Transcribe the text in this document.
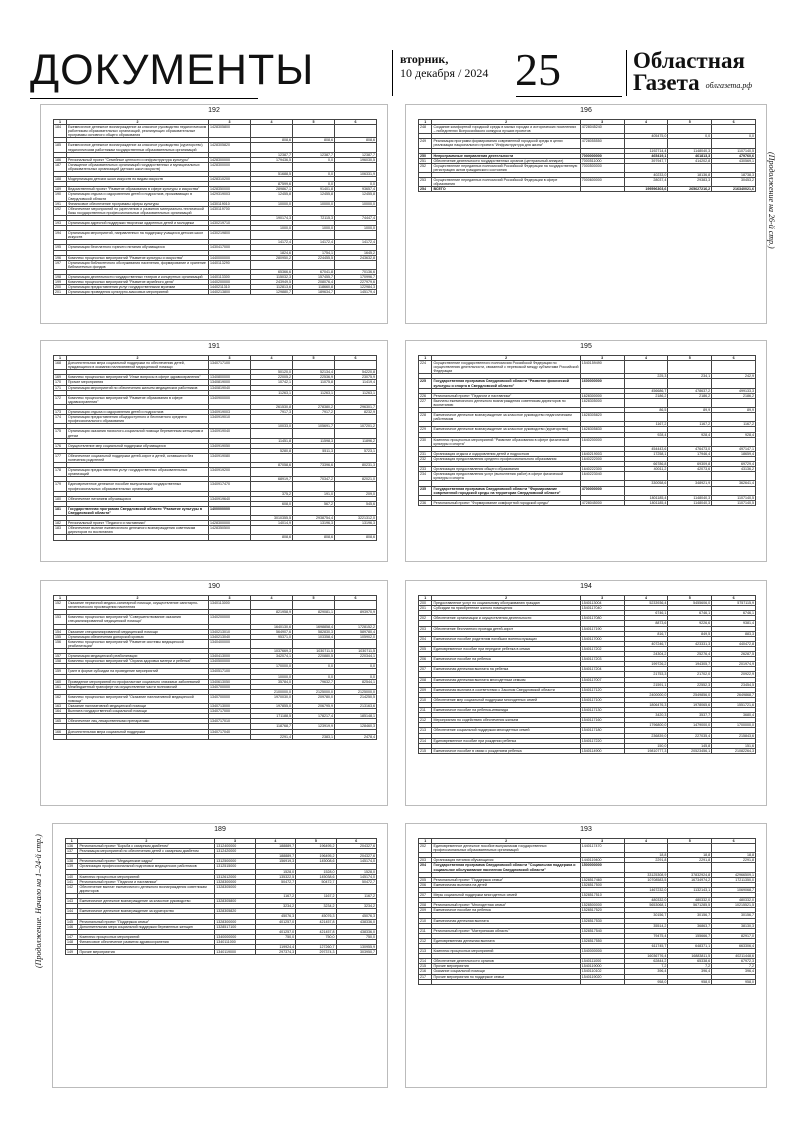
ДОКУМЕНТЫ	вторник,
10 декабря / 2024 25	Областная
Газета облгазета.рф
(Продолжение на 26-й стр.)
(Продолжение. Начало на 1–24-й стр.)
192
1	2	3	4	5	6
184	Ежемесячное денежное вознаграждение за классное руководство педагогическим работникам образовательных организаций, реализующих образовательные программы основного общего образования	1428305800			
			808,6	808,6	808,6
185	Ежемесячное денежное вознаграждение за классное руководство (кураторство) педагогическим работникам государственных образовательных организаций	1428305820			
			12387,7	12387,7	12387,7
186	Региональный проект "Семейные ценности и инфраструктура культуры"	1428300000	179436,5	0,0	196030,5
187	Оснащение образовательных организаций государственных и муниципальных образовательных организаций (детских школ искусств)	1428300000			
			51688,5	0,0	106331,9
188	Модернизация детских школ искусств по видам искусств	1428310200			
			87599,6	0,0	0,0
189	Ведомственный проект "Развитие образования в сфере культуры и искусства"	1428350000	289867,1	91401,8	93657,4
190	Организация отдыха и оздоровления детей и подростков, проживающих в Свердловской области	1429319003	12455,8	12455,8	12455,8
191	Финансовое обеспечение программы сферы культуры	1430119010	10000,0	10000,0	10000,0
192	Обеспечение мероприятий по укреплению и развитию материально-технической базы государственных профессиональных образовательных организаций	1430119700			
			190174,3	72115,3	74447,4
193	Организация адресной поддержки творчески одаренных детей и молодежи	1430219710			
			1000,0	1000,0	1000,0
194	Организация мероприятий, направленных на поддержку учащихся детских школ искусств	1430219800			
			14172,4	14172,4	14172,4
195	Организация бесплатного горячего питания обучающихся	1430417000			
			1824,6	1754,1	1645,2
196	Комплекс процессных мероприятий "Развитие культуры и искусства"	1440000000	280950,2	224455,5	243632,8
197	Организация библиотечного обслуживания населения, формирование и хранение библиотечных фондов	1440113290			
			65366,6	67041,8	70136,6
198	Организация деятельности государственных театров и концертных организаций	1440113300	115032,3	157455,7	170996,7
199	Комплекс процессных мероприятий "Развитие музейного дела"	1440200000	243949,5	208076,4	227979,6
200	Организация предоставления услуг государственными музеями	1440211310	112813,6	118660,8	122984,3
201	Организация проведения культурно-массовых мероприятий	1440213800	129880,7	189634,7	145179,4
196
1	2	3	4	5	6
248	Создание комфортной городской среды в малых городах и исторических поселениях – победителях Всероссийского конкурса лучших проектов	4728045240			
			405475,0	0,0	0,0
249	Реализация программ формирования современной городской среды в целях реализации национального проекта "Инфраструктура для жизни"	4728055550			
			1192714,4	1148040,3	1107140,5
250	Непрограммные направления деятельности	7000000000	465419,1	461813,3	479760,6
251	Обеспечение деятельности государственных органов (центральный аппарат)	7000511000	397947,7	414202,8	430569,1
252	Осуществление переданных полномочий Российской Федерации на государственную регистрацию актов гражданского состояния	7000500000			
			40233,0	18136,8	18738,3
253	Осуществление переданных полномочий Российской Федерации в сфере образования	7000600000	28037,4	29383,3	30453,2
254	ВСЕГО		199596303,6	265627216,2	216340021,6
191
1	2	3	4	5	6
168	Дополнительная мера социальной поддержки по обеспечению детей, нуждающихся в оказании паллиативной медицинской помощи	1340717100			
			50120,0	52134,4	54220,8
169	Комплекс процессных мероприятий "Иные вопросы в сфере здравоохранения"	1340800000	22005,2	22536,9	23075,9
170	Прочие мероприятия	1340819000	10742,1	11075,8	11419,4
171	Организация мероприятий по обеспечению жильем медицинских работников	1340819040			
			11263,1	11263,1	11263,1
172	Комплекс процессных мероприятий "Развитие образования в сфере здравоохранения"	1340900000			
			261530,8	278380,2	296301,7
173	Организация отдыха и оздоровления детей и подростков	1340919003	7917,3	7917,2	8232,9
174	Организация предоставления общедоступного и бесплатного среднего профессионального образования	1340919010			
			10033,0	105691,7	107201,2
175	Организация оказания психолого-социальной помощи беременным женщинам и детям	1340919040			
			11451,8	11598,3	11896,2
176	Осуществление мер социальной поддержки обучающихся	1340919050			
			5280,8	5511,3	5723,1
177	Обеспечение социальной поддержки детей-сирот и детей, оставшихся без попечения родителей	1340919080			
			87058,6	73396,6	80231,3
178	Организация предоставления услуг государственных образовательных организаций	1340919200			
			68919,7	70347,2	82021,0
179	Единовременное денежное пособие выпускникам государственных профессиональных образовательных организаций	1340917470			
			375,2	191,0	209,0
180	Обеспечение питанием обучающихся	1340919640			
			608,0	567,2	545,6
181	Государственная программа Свердловской области "Развитие культуры в Свердловской области"	1400000000			
			3010355,5	2938754,4	3221312,0
182	Региональный проект "Педагоги и наставники"	1428300000	14014,9	13196,3	13196,3
183	Обеспечение выплат ежемесячного денежного вознаграждения советникам директоров по воспитанию	1428350500			
			808,6	808,6	808,6
195
1	2	3	4	5	6
224	Осуществление государственного полномочия Российской Федерации по осуществлению деятельности, связанной с перевозкой между субъектами Российской Федерации	1540159490			
			225,3	234,1	242,9
225	Государственная программа Свердловской области "Развитие физической культуры и спорта в Свердловской области"	1600000000			
			456686,7	478637,2	499133,3
226	Региональный проект "Педагоги и наставники"	1628300000	2186,2	2186,2	2186,2
227	Выплаты ежемесячного денежного вознаграждения советникам директоров по воспитанию	1628305000			
			86,5	89,9	89,9
228	Ежемесячное денежное вознаграждение за классное руководство педагогическим работникам	1628305820			
			1167,2	1167,2	1167,2
229	Ежемесячное денежное вознаграждение за классное руководство (кураторство)	1628305830			
			928,4	928,4	928,4
230	Комплекс процессных мероприятий "Развитие образования в сфере физической культуры и спорта"	1640200000			
			454443,6	476473,0	497147,1
231	Организация отдыха и оздоровления детей и подростков	1640219003	17258,1	17946,4	18659,4
232	Организация предоставления среднего профессионального образования	1640222000			
			66786,8	69309,8	69729,4
233	Организация предоставления общего образования	1640222300	40011,2	42073,6	43136,2
234	Организация предоставления услуг (выполнения работ) в сфере физической культуры и спорта	1640223040			
			330058,6	348921,9	362641,4
235	Государственная программа Свердловской области "Формирование современной городской среды на территории Свердловской области"	4700000000			
			1801185,4	1148040,3	1107140,5
236	Региональный проект "Формирование комфортной городской среды"	4728045000	1801185,4	1148040,3	1107140,5
190
1	2	3	4	5	6
152	Оказание первичной медико-санитарной помощи, осуществление санитарно-гигиенического просвещения населения	1340113000			
			821958,9	829081,1	893970,9
153	Комплекс процессных мероприятий "Совершенствование оказания специализированной медицинской помощи"	1340200000			
			1640130,6	1698858,4	1728152,2
154	Оказание специализированной медицинской помощи	1340213010	564907,6	582830,3	589780,4
155	Организация обеспечения донорской кровью	1340213040	95371,0	103358,4	105902,0
156	Комплекс процессных мероприятий "Развитие системы медицинской реабилитации"	1340400000			
			1037669,3	1030711,5	1030711,5
157	Организация медицинской реабилитации	1340413000	342074,1	220880,5	220344,1
158	Комплекс процессных мероприятий "Охрана здоровья матери и ребенка"	1340500000			
			170000,0	0,0	0,0
159	Грант в форме субсидии на проведение мероприятий	1340517100			
			10000,0	0,0	0,0
160	Проведение мероприятий по профилактике социально значимых заболеваний	1340613050	35784,0	79632,7	82544,1
161	Межбюджетный трансферт на осуществление части полномочий	1340700000			
			2100000,0	2125000,0	2125000,0
162	Комплекс процессных мероприятий "Оказание паллиативной медицинской помощи"	1340700000	1970030,0	209780,0	214250,5
163	Оказание паллиативной медицинской помощи	1340713000	197855,0	206795,9	213163,6
164	Выплата государственной социальной помощи	1340717000			
			171188,5	178217,4	185148,1
165	Обеспечение лиц лекарственными препаратами	1340717010			
			118768,7	123919,9	128460,3
166	Дополнительная мера социальной поддержки	1340717040			
			2291,4	2383,1	2478,4
194
1	2	3	4	5	6
200	Предоставление услуг по социальному обслуживанию граждан	1540113004	5233936,4	5455606,0	5757115,9
201	Субсидии на приобретение жилого помещения	1540117040			
			6746,1	6746,1	6746,1
202	Обеспечение организации и осуществления деятельности	1540117080			
			8873,6	9226,6	9381,4
203	Обеспечение бесплатного проезда детей-сирот	1540117190			
			816,7	849,5	883,3
204	Ежемесячное пособие родителям погибших военнослужащих	1540117000			
			407246,7	423331,3	440472,8
205	Единовременное пособие при передаче ребенка в семью	1540117202			
			24304,2	25276,4	26287,5
206	Ежемесячное пособие на ребенка	1540117203			
			199726,2	194305,7	201974,9
207	Ежемесячная денежная выплата на ребенка	1540117204			
			21753,3	21702,0	20922,9
208	Ежемесячная денежная выплата многодетным семьям	1540117007			
			21591,1	22552,3	23454,5
209	Ежемесячная выплата в соответствии с Законом Свердловской области	1540117120			
			2400000,0	2549856,0	2649868,7
210	Обеспечение мер социальной поддержки многодетных семей	1540117100			
			1806476,3	1978065,6	1551721,6
211	Ежемесячное пособие на ребенка-инвалида	1540117130			
			3420,3	3537,7	3680,4
212	Мероприятия по содействию обеспечения жильем	1540117160			
			1796800,0	1479000,0	1700000,0
213	Обеспечение социальной поддержки многодетных семей	1540117180			
			236839,0	227035,4	215843,6
214	Единовременное пособие при рождении ребенка	1540117220			
			150,0	145,8	151,6
215	Ежемесячное пособие в связи с рождением ребенка	1540114900	19810777,3	20523456,1	21082264,3
189
1	2	3	4	5	6
136	Региональный проект "Борьба с сахарным диабетом"	1312400000	188889,7	196495,2	204327,6
137	Реализация мероприятий по обеспечению детей с сахарным диабетом	1312420000			
			188889,7	196495,2	204327,6
138	Региональный проект "Медицинские кадры"	1312500000	156919,3	145008,6	145174,0
139	Организация профессиональной подготовки медицинских работников	1312515000			
			1528,0	1528,0	1528,0
140	Комплекс процессных мероприятий	1312612000	135322,5	145038,6	145174,0
141	Региональный проект "Педагоги и наставники"	1328300000	50472,7	50472,7	50472,7
142	Обеспечение выплат ежемесячного денежного вознаграждения советникам директоров	1328305000			
			1167,2	1167,2	1167,2
143	Ежемесячное денежное вознаграждение за классное руководство	1328305800			
			3234,2	3234,2	3234,2
144	Ежемесячное денежное вознаграждение за кураторство	1328305820			
			45076,3	45076,3	45076,3
145	Региональный проект "Поддержка семьи"	1328300000	401257,0	421457,8	438336,0
146	Дополнительная мера социальной поддержки беременных женщин	1328517100			
			401257,0	421457,8	438336,0
147	Комплекс процессных мероприятий	1340000000	750,0	750,0	750,0
148	Финансовое обеспечение развития здравоохранения	1340111000			
			119924,4	127260,7	130955,9
149	Прочие мероприятия	1340119000	297374,3	297374,3	303950,7
193
1	2	3	4	5	6
202	Единовременное денежное пособие выпускникам государственных профессиональных образовательных организаций	1440117470			
			18,8	18,8	18,8
203	Организация питания обучающихся	1440119400	2291,8	2291,8	2291,8
204	Государственная программа Свердловской области "Социальная поддержка и социальное обслуживание населения Свердловской области"	1500000000			
			33125308,9	37832924,8	42966509,1
205	Региональный проект "Поддержка семьи"	1528517460	10708583,5	16734974,2	17211350,0
206	Ежемесячная выплата на детей	1528517500			
			1467232,0	1132143,1	1069068,7
207	Меры социальной поддержки многодетных семей	1528517510			
			480332,0	480332,0	480332,0
208	Региональный проект "Многодетная семья"	1528500000	5653068,1	5671285,5	10215521,5
209	Ежемесячное пособие на ребенка	1528517520			
			30156,7	30156,7	30156,7
210	Ежемесячная денежная выплата	1528517530			
			35514,2	36863,7	38130,3
211	Региональный проект "Материнская область"	1528517540			
			79475,4	155666,7	82917,0
212	Единовременная денежная выплата	1528517550			
			611745,7	648371,1	663306,4
213	Комплекс процессных мероприятий	1540000000			
			16036776,4	16883811,5	40211448,6
214	Обеспечение деятельности органов	1540111000	62844,2	65338,6	67972,3
215	Прочие мероприятия	1540119000	7,2	7,2	7,2
216	Оказание социальной помощи	1540110102	396,4	396,4	396,4
217	Прочие мероприятия по поддержке семьи	1540119020			
			958,0	958,0	958,0
